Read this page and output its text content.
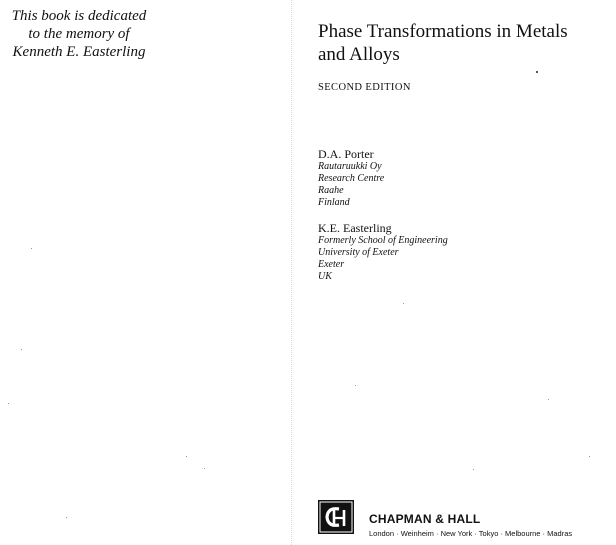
This book is dedicated
to the memory of
Kenneth E. Easterling
Phase Transformations in Metals
and Alloys
SECOND EDITION
D.A. Porter
Rautaruukki Oy
Research Centre
Raahe
Finland
K.E. Easterling
Formerly School of Engineering
University of Exeter
Exeter
UK
CHAPMAN & HALL
London · Weinheim · New York · Tokyo · Melbourne · Madras
